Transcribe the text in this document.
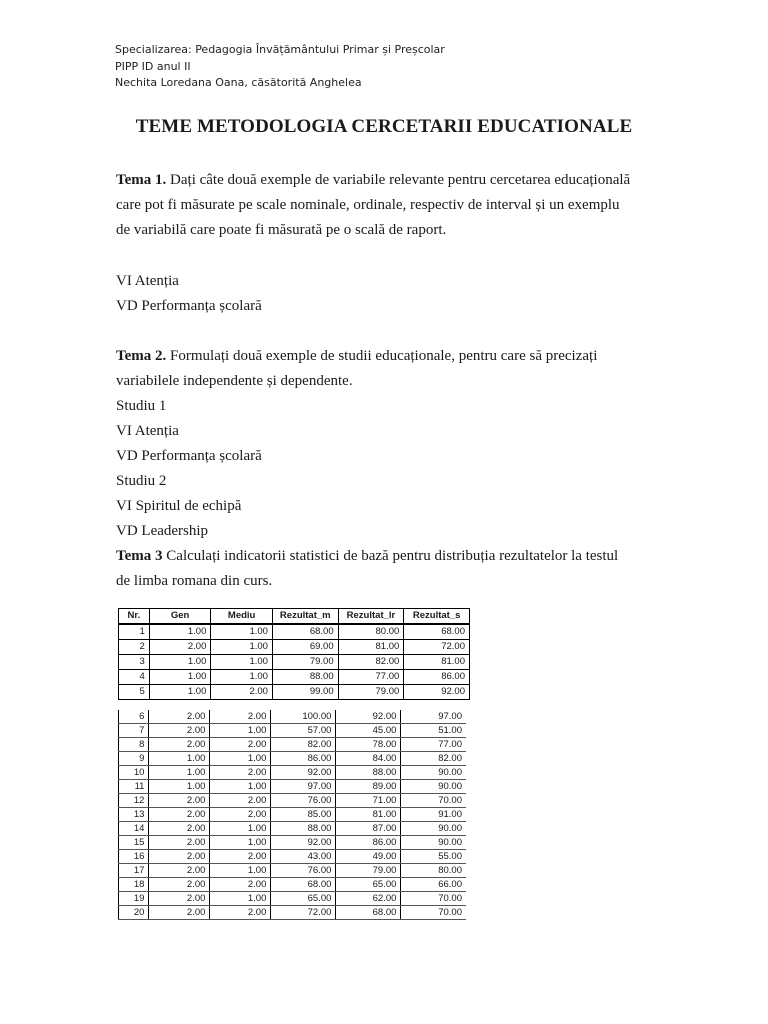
Specializarea: Pedagogia Învățământului Primar și Preșcolar
PIPP ID anul II
Nechita Loredana Oana, căsătorită Anghelea
TEME METODOLOGIA CERCETARII EDUCATIONALE
Tema 1. Dați câte două exemple de variabile relevante pentru cercetarea educațională
care pot fi măsurate pe scale nominale, ordinale, respectiv de interval și un exemplu
de variabilă care poate fi măsurată pe o scală de raport.
VI Atenția
VD Performanța școlară
Tema 2. Formulați două exemple de studii educaționale, pentru care să precizați
variabilele independente și dependente.
Studiu 1
VI Atenția
VD Performanța școlară
Studiu 2
VI Spiritul de echipă
VD Leadership
Tema 3 Calculați indicatorii statistici de bază pentru distribuția rezultatelor la testul
de limba romana din curs.
Nr.	Gen	Mediu	Rezultat_m	Rezultat_lr	Rezultat_s
1	1.00	1.00	68.00	80.00	68.00
2	2.00	1.00	69.00	81.00	72.00
3	1.00	1.00	79.00	82.00	81.00
4	1.00	1.00	88.00	77.00	86.00
5	1.00	2.00	99.00	79.00	92.00
6	2.00	2.00	100.00	92.00	97.00
7	2.00	1.00	57.00	45.00	51.00
8	2.00	2.00	82.00	78.00	77.00
9	1.00	1.00	86.00	84.00	82.00
10	1.00	2.00	92.00	88.00	90.00
11	1.00	1.00	97.00	89.00	90.00
12	2.00	2.00	76.00	71.00	70.00
13	2.00	2.00	85.00	81.00	91.00
14	2.00	1.00	88.00	87.00	90.00
15	2.00	1.00	92.00	86.00	90.00
16	2.00	2.00	43.00	49.00	55.00
17	2.00	1.00	76.00	79.00	80.00
18	2.00	2.00	68.00	65.00	66.00
19	2.00	1.00	65.00	62.00	70.00
20	2.00	2.00	72.00	68.00	70.00
